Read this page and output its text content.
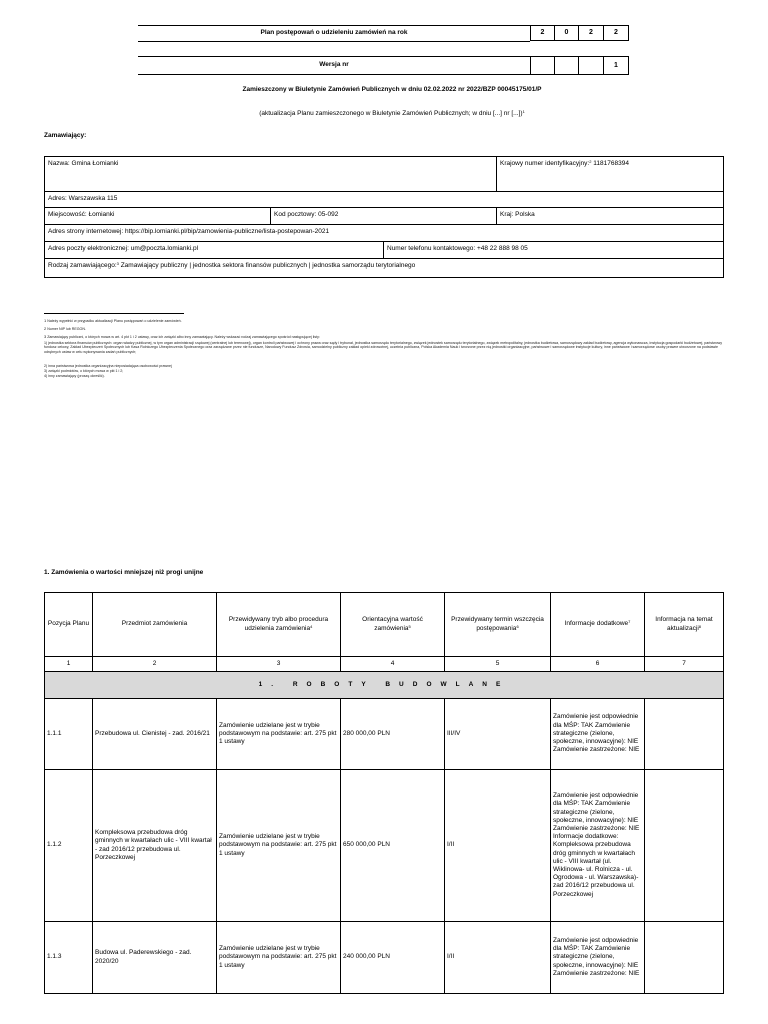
Plan postępowań o udzieleniu zamówień na rok	2	0	2	2
Wersja nr	1
Zamieszczony w Biuletynie Zamówień Publicznych w dniu 02.02.2022 nr 2022/BZP 00045175/01/P
(aktualizacja Planu zamieszczonego w Biuletynie Zamówień Publicznych; w dniu [...] nr [...])$^1$
Zamawiający:
Nazwa: Gmina Łomianki	Krajowy numer identyfikacyjny:$^2$ 1181768394
Adres: Warszawska 115
Miejscowość: Łomianki	Kod pocztowy: 05-092	Kraj: Polska
Adres strony internetowej: https://bip.lomianki.pl/bip/zamowienia-publiczne/lista-postepowan-2021
Adres poczty elektronicznej: um@poczta.lomianki.pl	Numer telefonu kontaktowego: +48 22 888 98 05
Rodzaj zamawiającego:$^3$ Zamawiający publiczny | jednostka sektora finansów publicznych | jednostka samorządu terytorialnego
$^1$ Należy wypełnić w przypadku aktualizacji Planu postępowań o udzielenie zamówień.
$^2$ Numer NIP lub REGON.
$^3$ Zamawiający publiczni, o których mowa w art. 4 pkt 1 i 2 ustawy, oraz ich związki albo inny zamawiający. Należy wskazać rodzaj zamawiającego spośród następującej listy:
1) jednostka sektora finansów publicznych: organ władzy publicznej, w tym organ administracji rządowej (centralnej lub terenowej), organ kontroli państwowej i ochrony prawa oraz sądy i trybunał, jednostka samorządu terytorialnego, związek jednostek samorządu terytorialnego, związek metropolitalny, jednostka budżetowa, samorządowy zakład budżetowy, agencja wykonawcza, instytucja gospodarki budżetowej, państwowy fundusz celowy, Zakład Ubezpieczeń Społecznych lub Kasa Rolniczego Ubezpieczenia Społecznego oraz zarządzane przez nie fundusze, Narodowy Fundusz Zdrowia, samodzielny publiczny zakład opieki zdrowotnej, uczelnia publiczna, Polska Akademia Nauk i tworzone przez nią jednostki organizacyjne, państwowe i samorządowe instytucje kultury, inne państwowe i samorządowe osoby prawne utworzone na podstawie odrębnych ustaw w celu wykonywania zadań publicznych;
2) inna państwowa jednostka organizacyjna nieposiadająca osobowości prawnej
3) związki podmiotów, o których mowa w pkt 1 i 2;
4) inny zamawiający (proszę określić).
1. Zamówienia o wartości mniejszej niż progi unijne
Pozycja Planu	Przedmiot zamówienia	Przewidywany tryb albo procedura udzielenia zamówienia$^4$	Orientacyjna wartość zamówienia$^5$	Przewidywany termin wszczęcia postępowania$^6$	Informacje dodatkowe$^7$	Informacja na temat aktualizacji$^8$
1	2	3	4	5	6	7
1. ROBOTY BUDOWLANE						
1.1.1	Przebudowa ul. Cienistej - zad. 2016/21	Zamówienie udzielane jest w trybie podstawowym na podstawie: art. 275 pkt 1 ustawy	280 000,00 PLN	III/IV	Zamówienie jest odpowiednie dla MŚP: TAK Zamówienie strategiczne (zielone, społeczne, innowacyjne): NIE Zamówienie zastrzeżone: NIE	
1.1.2	Kompleksowa przebudowa dróg gminnych w kwartałach ulic - VIII kwartał - zad 2016/12 przebudowa ul. Porzeczkowej	Zamówienie udzielane jest w trybie podstawowym na podstawie: art. 275 pkt 1 ustawy	650 000,00 PLN	I/II	Zamówienie jest odpowiednie dla MŚP: TAK Zamówienie strategiczne (zielone, społeczne, innowacyjne): NIE Zamówienie zastrzeżone: NIE Informacje dodatkowe: Kompleksowa przebudowa dróg gminnych w kwartałach ulic - VIII kwartał (ul. Wiklinowa- ul. Rolnicza - ul. Ogrodowa - ul. Warszawska)- zad 2016/12 przebudowa ul. Porzeczkowej	
1.1.3	Budowa ul. Paderewskiego - zad. 2020/20	Zamówienie udzielane jest w trybie podstawowym na podstawie: art. 275 pkt 1 ustawy	240 000,00 PLN	I/II	Zamówienie jest odpowiednie dla MŚP: TAK Zamówienie strategiczne (zielone, społeczne, innowacyjne): NIE Zamówienie zastrzeżone: NIE	
